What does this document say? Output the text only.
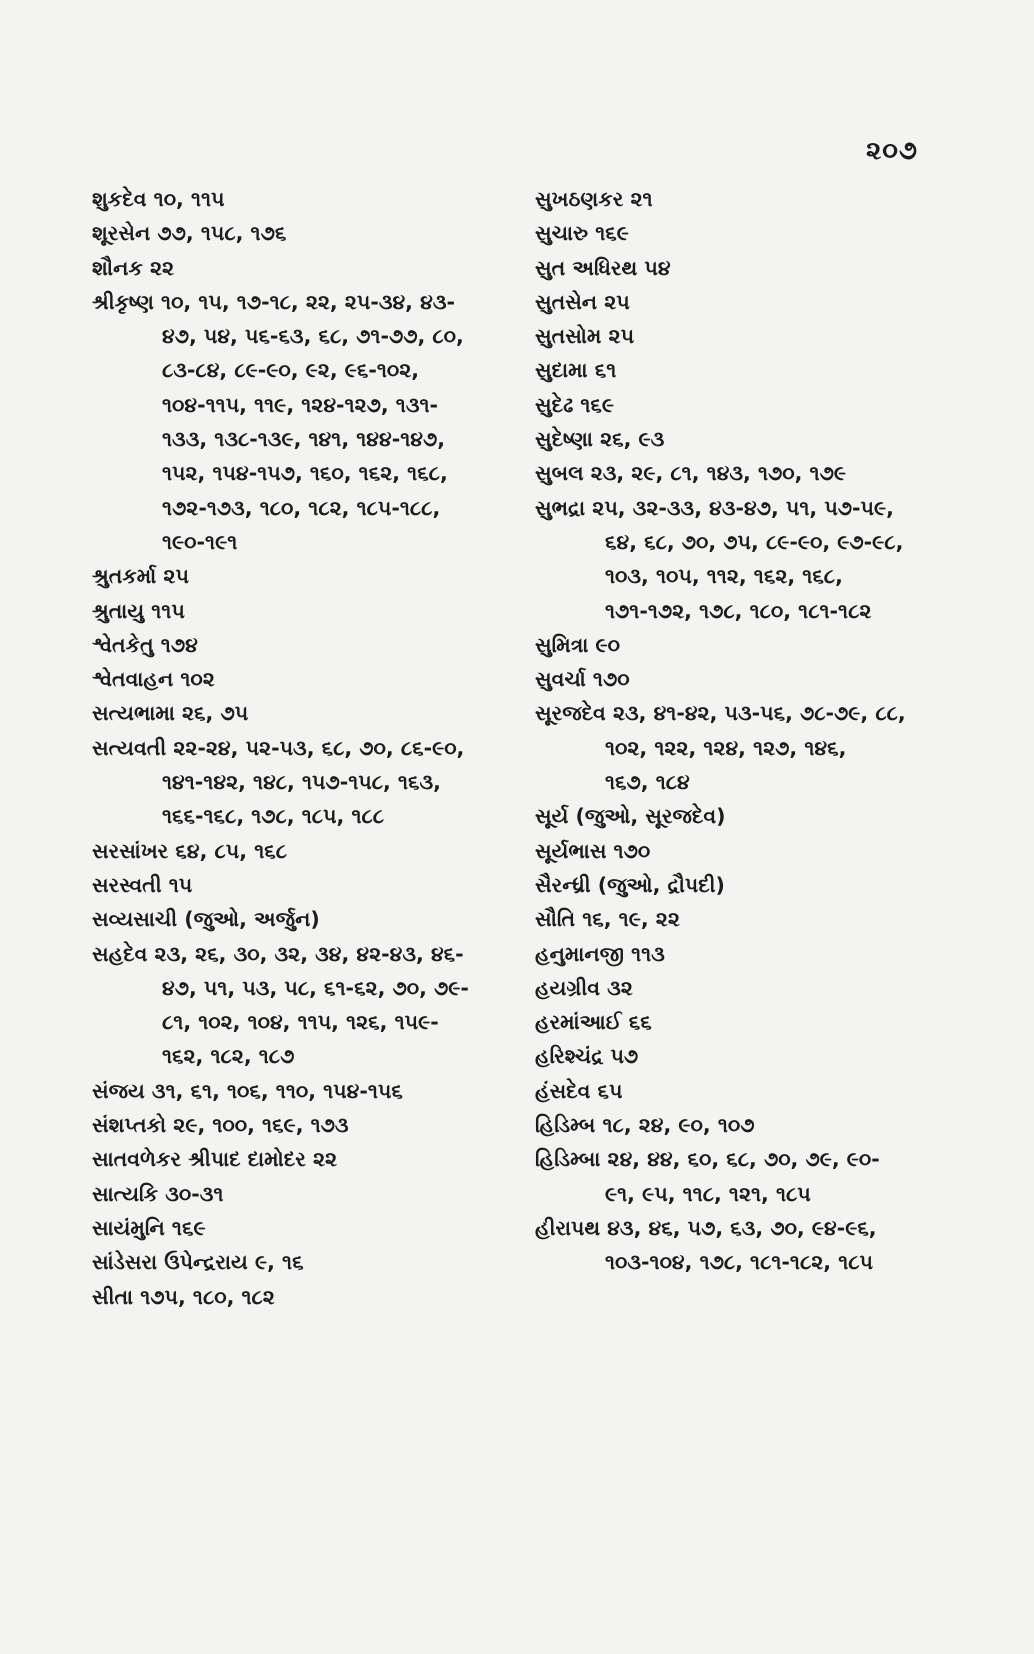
૨૦૭
શુકદેવ ૧૦, ૧૧૫
શૂરસેન ૭૭, ૧૫૮, ૧૭૬
શૌનક ૨૨
શ્રીકૃષ્ણ ૧૦, ૧૫, ૧૭-૧૮, ૨૨, ૨૫-૩૪, ૪૩-
૪૭, ૫૪, ૫૬-૬૩, ૬૮, ૭૧-૭૭, ૮૦,
૮૩-૮૪, ૮૯-૯૦, ૯૨, ૯૬-૧૦૨,
૧૦૪-૧૧૫, ૧૧૯, ૧૨૪-૧૨૭, ૧૩૧-
૧૩૩, ૧૩૮-૧૩૯, ૧૪૧, ૧૪૪-૧૪૭,
૧૫૨, ૧૫૪-૧૫૭, ૧૬૦, ૧૬૨, ૧૬૮,
૧૭૨-૧૭૩, ૧૮૦, ૧૮૨, ૧૮૫-૧૮૮,
૧૯૦-૧૯૧
શ્રુતકર્મા ૨૫
શ્રુતાયુ ૧૧૫
શ્વેતકેતુ ૧૭૪
શ્વેતવાહન ૧૦૨
સત્યભામા ૨૬, ૭૫
સત્યવતી ૨૨-૨૪, ૫૨-૫૩, ૬૮, ૭૦, ૮૬-૯૦,
૧૪૧-૧૪૨, ૧૪૮, ૧૫૭-૧૫૮, ૧૬૩,
૧૬૬-૧૬૮, ૧૭૮, ૧૮૫, ૧૮૮
સરસાંખર ૬૪, ૮૫, ૧૬૮
સરસ્વતી ૧૫
સવ્યસાચી (જુઓ, અર્જુન)
સહદેવ ૨૩, ૨૬, ૩૦, ૩૨, ૩૪, ૪૨-૪૩, ૪૬-
૪૭, ૫૧, ૫૩, ૫૮, ૬૧-૬૨, ૭૦, ૭૯-
૮૧, ૧૦૨, ૧૦૪, ૧૧૫, ૧૨૬, ૧૫૯-
૧૬૨, ૧૮૨, ૧૮૭
સંજય ૩૧, ૬૧, ૧૦૬, ૧૧૦, ૧૫૪-૧૫૬
સંશપ્તકો ૨૯, ૧૦૦, ૧૬૯, ૧૭૩
સાતવળેકર શ્રીપાદ દામોદર ૨૨
સાત્યકિ ૩૦-૩૧
સાયંમુનિ ૧૬૯
સાંડેસરા ઉપેન્દ્રરાય ૯, ૧૬
સીતા ૧૭૫, ૧૮૦, ૧૮૨
સુખઠણકર ૨૧
સુચારુ ૧૬૯
સુત અધિરથ ૫૪
સુતસેન ૨૫
સુતસોમ ૨૫
સુદામા ૬૧
સુદેઢ ૧૬૯
સુદેષ્ણા ૨૬, ૯૩
સુબલ ૨૩, ૨૯, ૮૧, ૧૪૩, ૧૭૦, ૧૭૯
સુભદ્રા ૨૫, ૩૨-૩૩, ૪૩-૪૭, ૫૧, ૫૭-૫૯,
૬૪, ૬૮, ૭૦, ૭૫, ૮૯-૯૦, ૯૭-૯૮,
૧૦૩, ૧૦૫, ૧૧૨, ૧૬૨, ૧૬૮,
૧૭૧-૧૭૨, ૧૭૮, ૧૮૦, ૧૮૧-૧૮૨
સુમિત્રા ૯૦
સુવર્ચા ૧૭૦
સૂરજદેવ ૨૩, ૪૧-૪૨, ૫૩-૫૬, ૭૮-૭૯, ૮૮,
૧૦૨, ૧૨૨, ૧૨૪, ૧૨૭, ૧૪૬,
૧૬૭, ૧૮૪
સૂર્ય (જુઓ, સૂરજદેવ)
સૂર્યભાસ ૧૭૦
સૈરન્ધ્રી (જુઓ, દ્રૌપદી)
સૌતિ ૧૬, ૧૯, ૨૨
હનુમાનજી ૧૧૩
હયગ્રીવ ૩૨
હરમાંઆઈ ૬૬
હરિશ્ચંદ્ર ૫૭
હંસદેવ ૬૫
હિડિમ્બ ૧૮, ૨૪, ૯૦, ૧૦૭
હિડિમ્બા ૨૪, ૪૪, ૬૦, ૬૮, ૭૦, ૭૯, ૯૦-
૯૧, ૯૫, ૧૧૮, ૧૨૧, ૧૮૫
હીરાપથ ૪૩, ૪૬, ૫૭, ૬૩, ૭૦, ૯૪-૯૬,
૧૦૩-૧૦૪, ૧૭૮, ૧૮૧-૧૮૨, ૧૮૫
